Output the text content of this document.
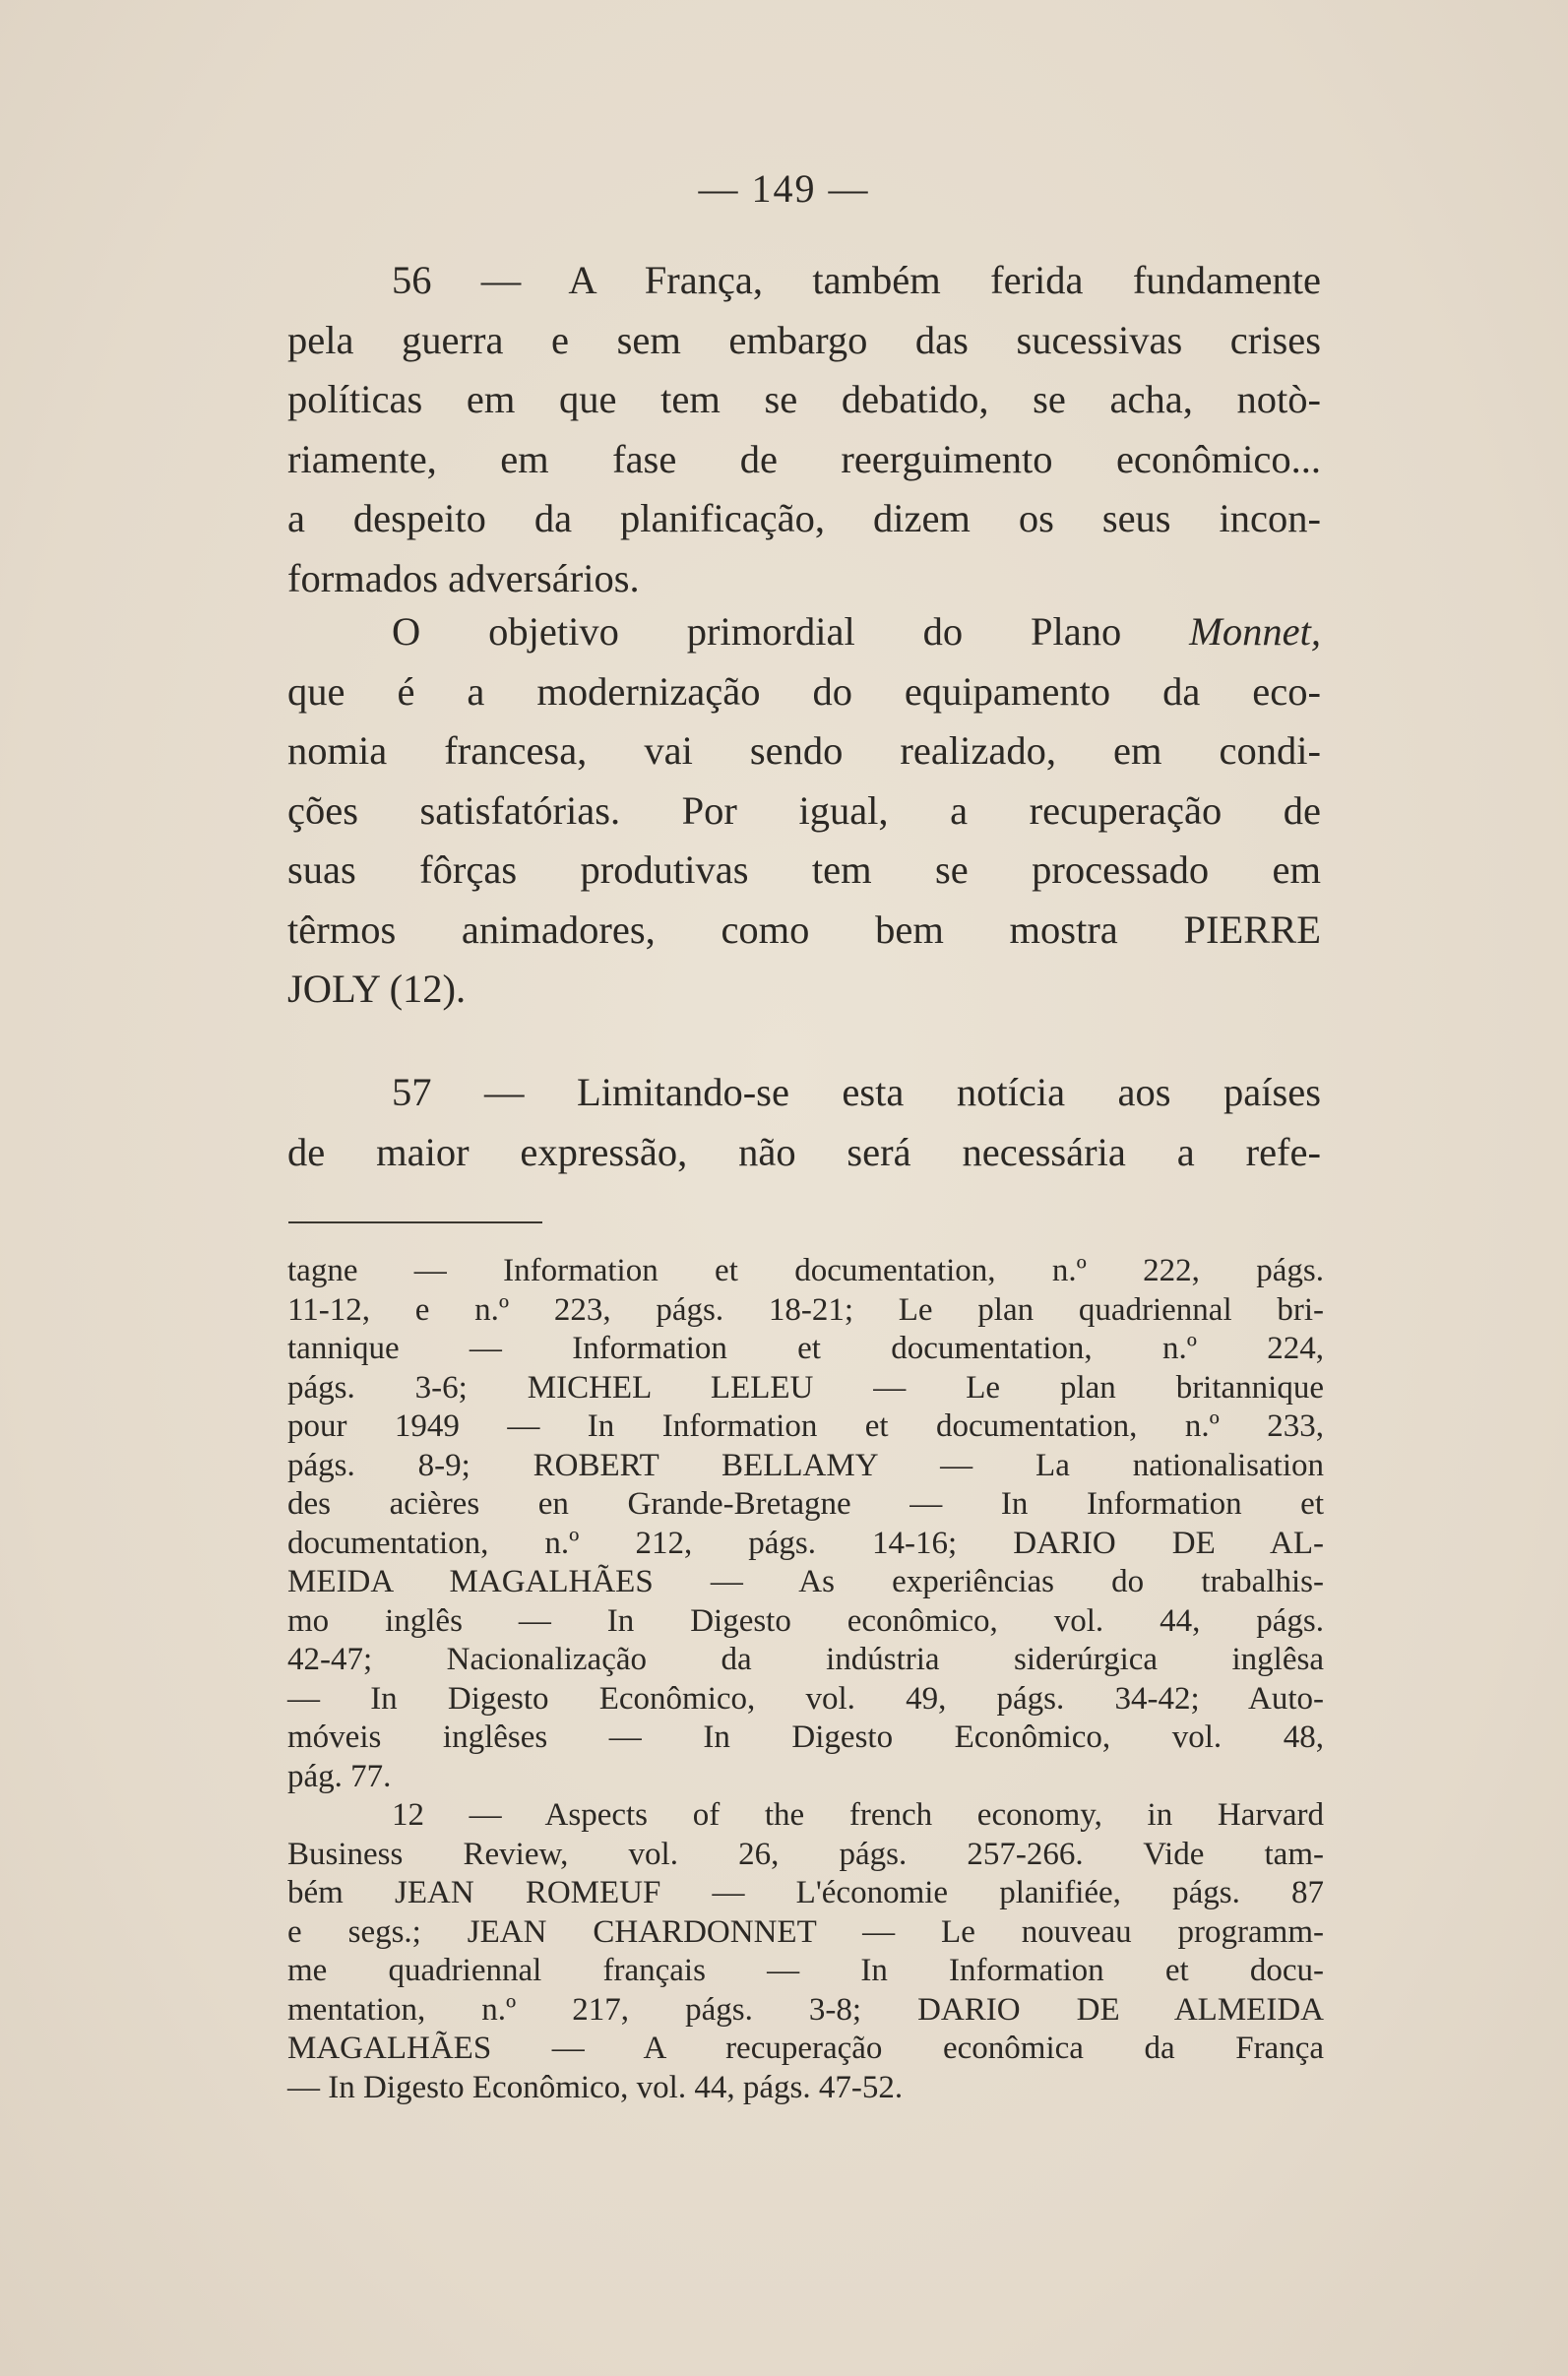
— 149 —
56 — A França, também ferida fundamente
pela guerra e sem embargo das sucessivas crises
políticas em que tem se debatido, se acha, notò-
riamente, em fase de reerguimento econômico...
a despeito da planificação, dizem os seus incon-
formados adversários.
O objetivo primordial do Plano Monnet,
que é a modernização do equipamento da eco-
nomia francesa, vai sendo realizado, em condi-
ções satisfatórias. Por igual, a recuperação de
suas fôrças produtivas tem se processado em
têrmos animadores, como bem mostra PIERRE
JOLY (12).
57 — Limitando-se esta notícia aos países
de maior expressão, não será necessária a refe-
tagne — Information et documentation, n.º 222, págs.
11-12, e n.º 223, págs. 18-21; Le plan quadriennal bri-
tannique — Information et documentation, n.º 224,
págs. 3-6; MICHEL LELEU — Le plan britannique
pour 1949 — In Information et documentation, n.º 233,
págs. 8-9; ROBERT BELLAMY — La nationalisation
des acières en Grande-Bretagne — In Information et
documentation, n.º 212, págs. 14-16; DARIO DE AL-
MEIDA MAGALHÃES — As experiências do trabalhis-
mo inglês — In Digesto econômico, vol. 44, págs.
42-47; Nacionalização da indústria siderúrgica inglêsa
— In Digesto Econômico, vol. 49, págs. 34-42; Auto-
móveis inglêses — In Digesto Econômico, vol. 48,
pág. 77.
12 — Aspects of the french economy, in Harvard
Business Review, vol. 26, págs. 257-266. Vide tam-
bém JEAN ROMEUF — L'économie planifiée, págs. 87
e segs.; JEAN CHARDONNET — Le nouveau programm-
me quadriennal français — In Information et docu-
mentation, n.º 217, págs. 3-8; DARIO DE ALMEIDA
MAGALHÃES — A recuperação econômica da França
— In Digesto Econômico, vol. 44, págs. 47-52.
